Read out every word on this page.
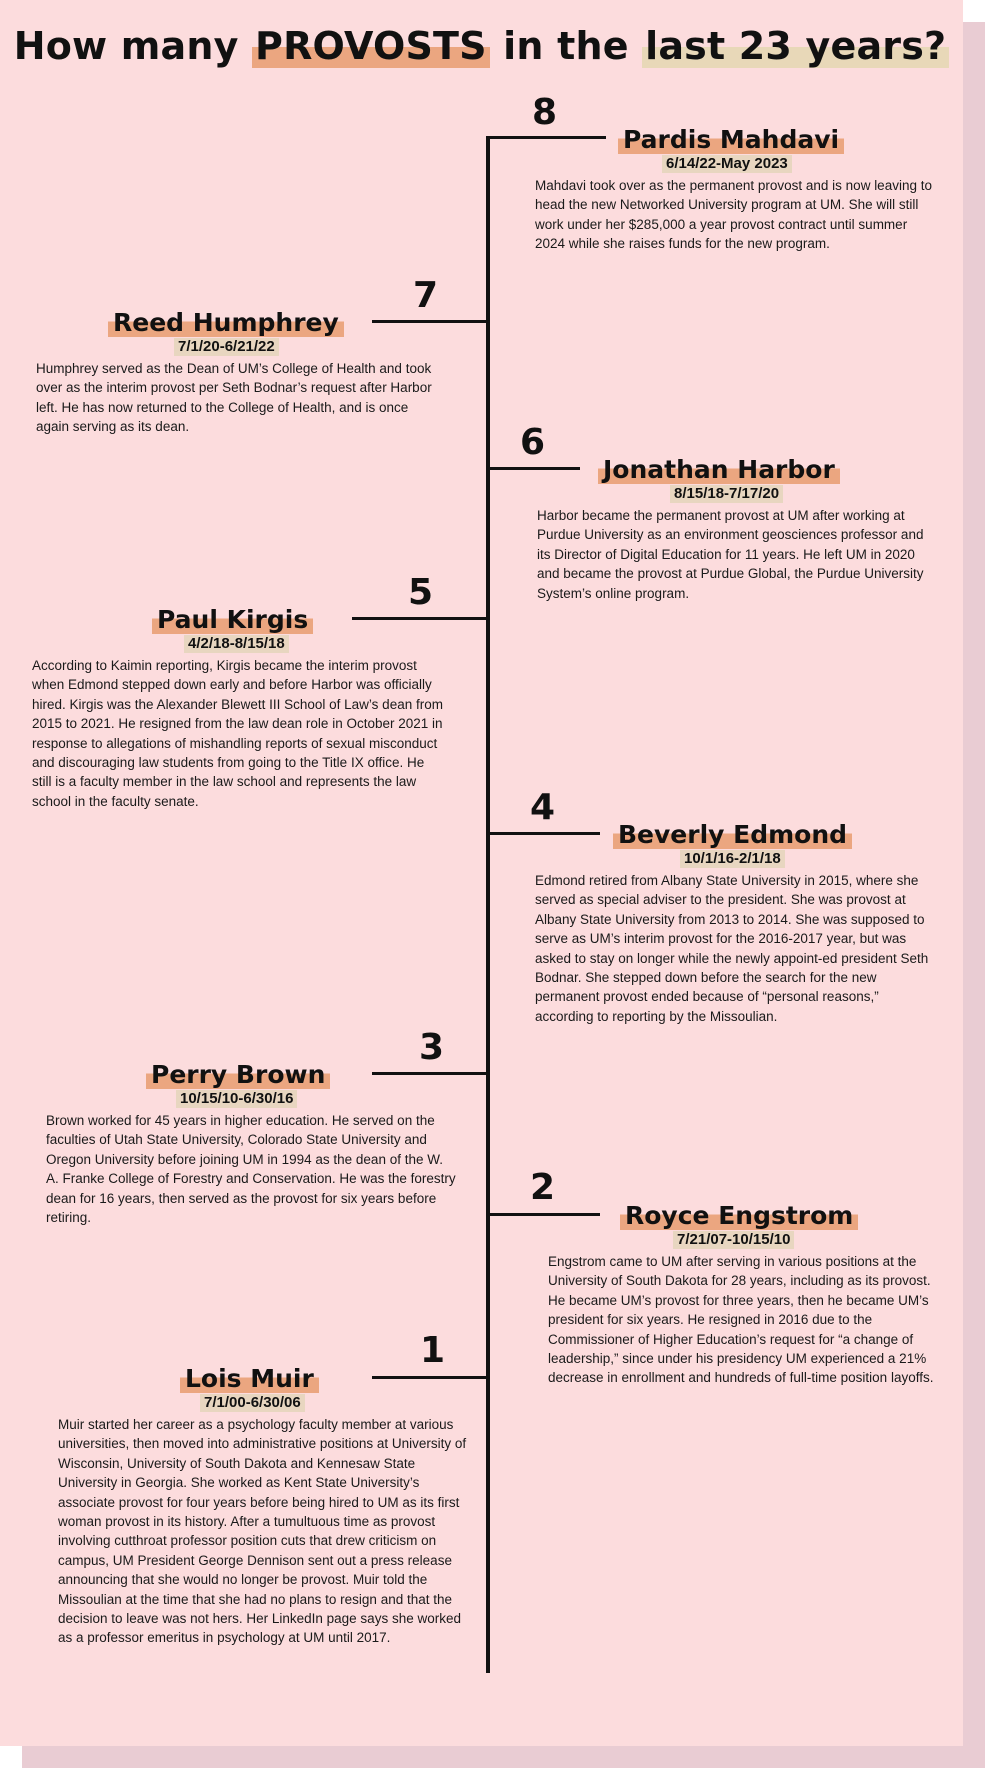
How many PROVOSTS in the last 23 years?
8
Pardis Mahdavi
6/14/22-May 2023
Mahdavi took over as the permanent provost and is now leaving to head the new Networked University program at UM. She will still work under her $285,000 a year provost contract until summer 2024 while she raises funds for the new program.
7
Reed Humphrey
7/1/20-6/21/22
Humphrey served as the Dean of UM’s College of Health and took over as the interim provost per Seth Bodnar’s request after Harbor left. He has now returned to the College of Health, and is once again serving as its dean.	6
Jonathan Harbor
8/15/18-7/17/20
Harbor became the permanent provost at UM after working at Purdue University as an environment geosciences professor and its Director of Digital Education for 11 years. He left UM in 2020 and became the provost at Purdue Global, the Purdue University System’s online program.
5
Paul Kirgis
4/2/18-8/15/18
According to Kaimin reporting, Kirgis became the interim provost when Edmond stepped down early and before Harbor was officially hired. Kirgis was the Alexander Blewett III School of Law’s dean from 2015 to 2021. He resigned from the law dean role in October 2021 in response to allegations of mishandling reports of sexual misconduct and discouraging law students from going to the Title IX office. He still is a faculty member in the law school and represents the law school in the faculty senate.	4
Beverly Edmond
10/1/16-2/1/18
Edmond retired from Albany State University in 2015, where she served as special adviser to the president. She was provost at Albany State University from 2013 to 2014. She was supposed to serve as UM’s interim provost for the 2016-2017 year, but was asked to stay on longer while the newly appoint-ed president Seth Bodnar. She stepped down before the search for the new permanent provost ended because of “personal reasons,” according to reporting by the Missoulian.
3
Perry Brown
10/15/10-6/30/16
Brown worked for 45 years in higher education. He served on the faculties of Utah State University, Colorado State University and Oregon University before joining UM in 1994 as the dean of the W. A. Franke College of Forestry and Conservation. He was the forestry dean for 16 years, then served as the provost for six years before retiring.
2
Royce Engstrom
7/21/07-10/15/10
Engstrom came to UM after serving in various positions at the University of South Dakota for 28 years, including as its provost. He became UM’s provost for three years, then he became UM’s president for six years. He resigned in 2016 due to the Commissioner of Higher Education’s request for “a change of leadership,” since under his presidency UM experienced a 21% decrease in enrollment and hundreds of full-time position layoffs.
1
Lois Muir
7/1/00-6/30/06
Muir started her career as a psychology faculty member at various universities, then moved into administrative positions at University of Wisconsin, University of South Dakota and Kennesaw State University in Georgia. She worked as Kent State University’s associate provost for four years before being hired to UM as its first woman provost in its history. After a tumultuous time as provost involving cutthroat professor position cuts that drew criticism on campus, UM President George Dennison sent out a press release announcing that she would no longer be provost. Muir told the Missoulian at the time that she had no plans to resign and that the decision to leave was not hers. Her LinkedIn page says she worked as a professor emeritus in psychology at UM until 2017.
